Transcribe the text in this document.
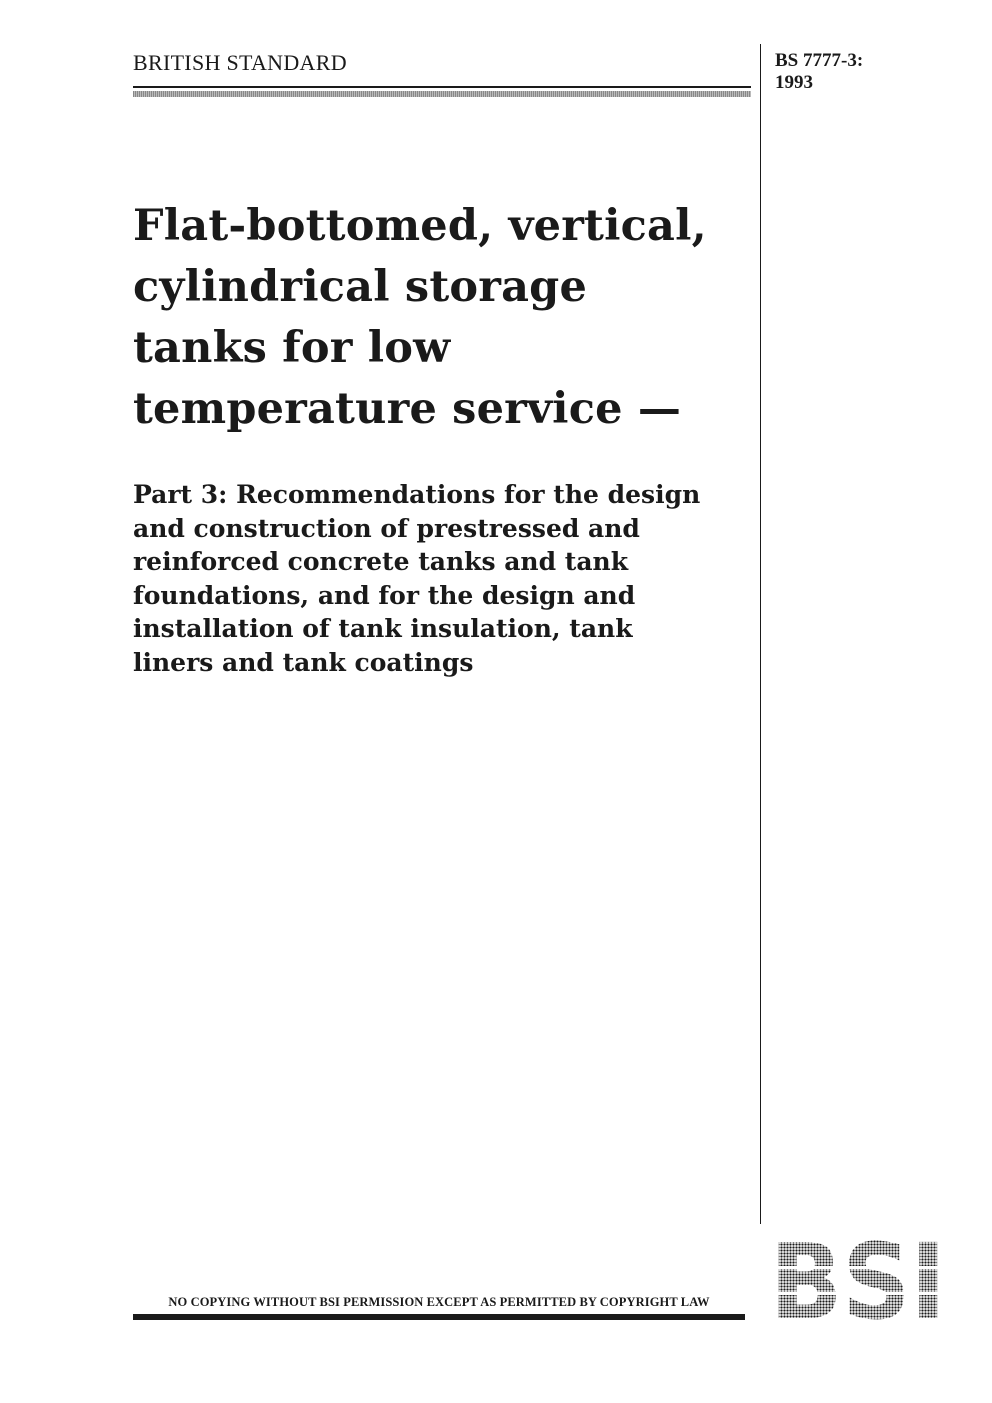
BRITISH STANDARD	BS 7777-3:
1993
Flat-bottomed, vertical,
cylindrical storage
tanks for low
temperature service —
Part 3: Recommendations for the design
and construction of prestressed and
reinforced concrete tanks and tank
foundations, and for the design and
installation of tank insulation, tank
liners and tank coatings
NO COPYING WITHOUT BSI PERMISSION EXCEPT AS PERMITTED BY COPYRIGHT LAW
